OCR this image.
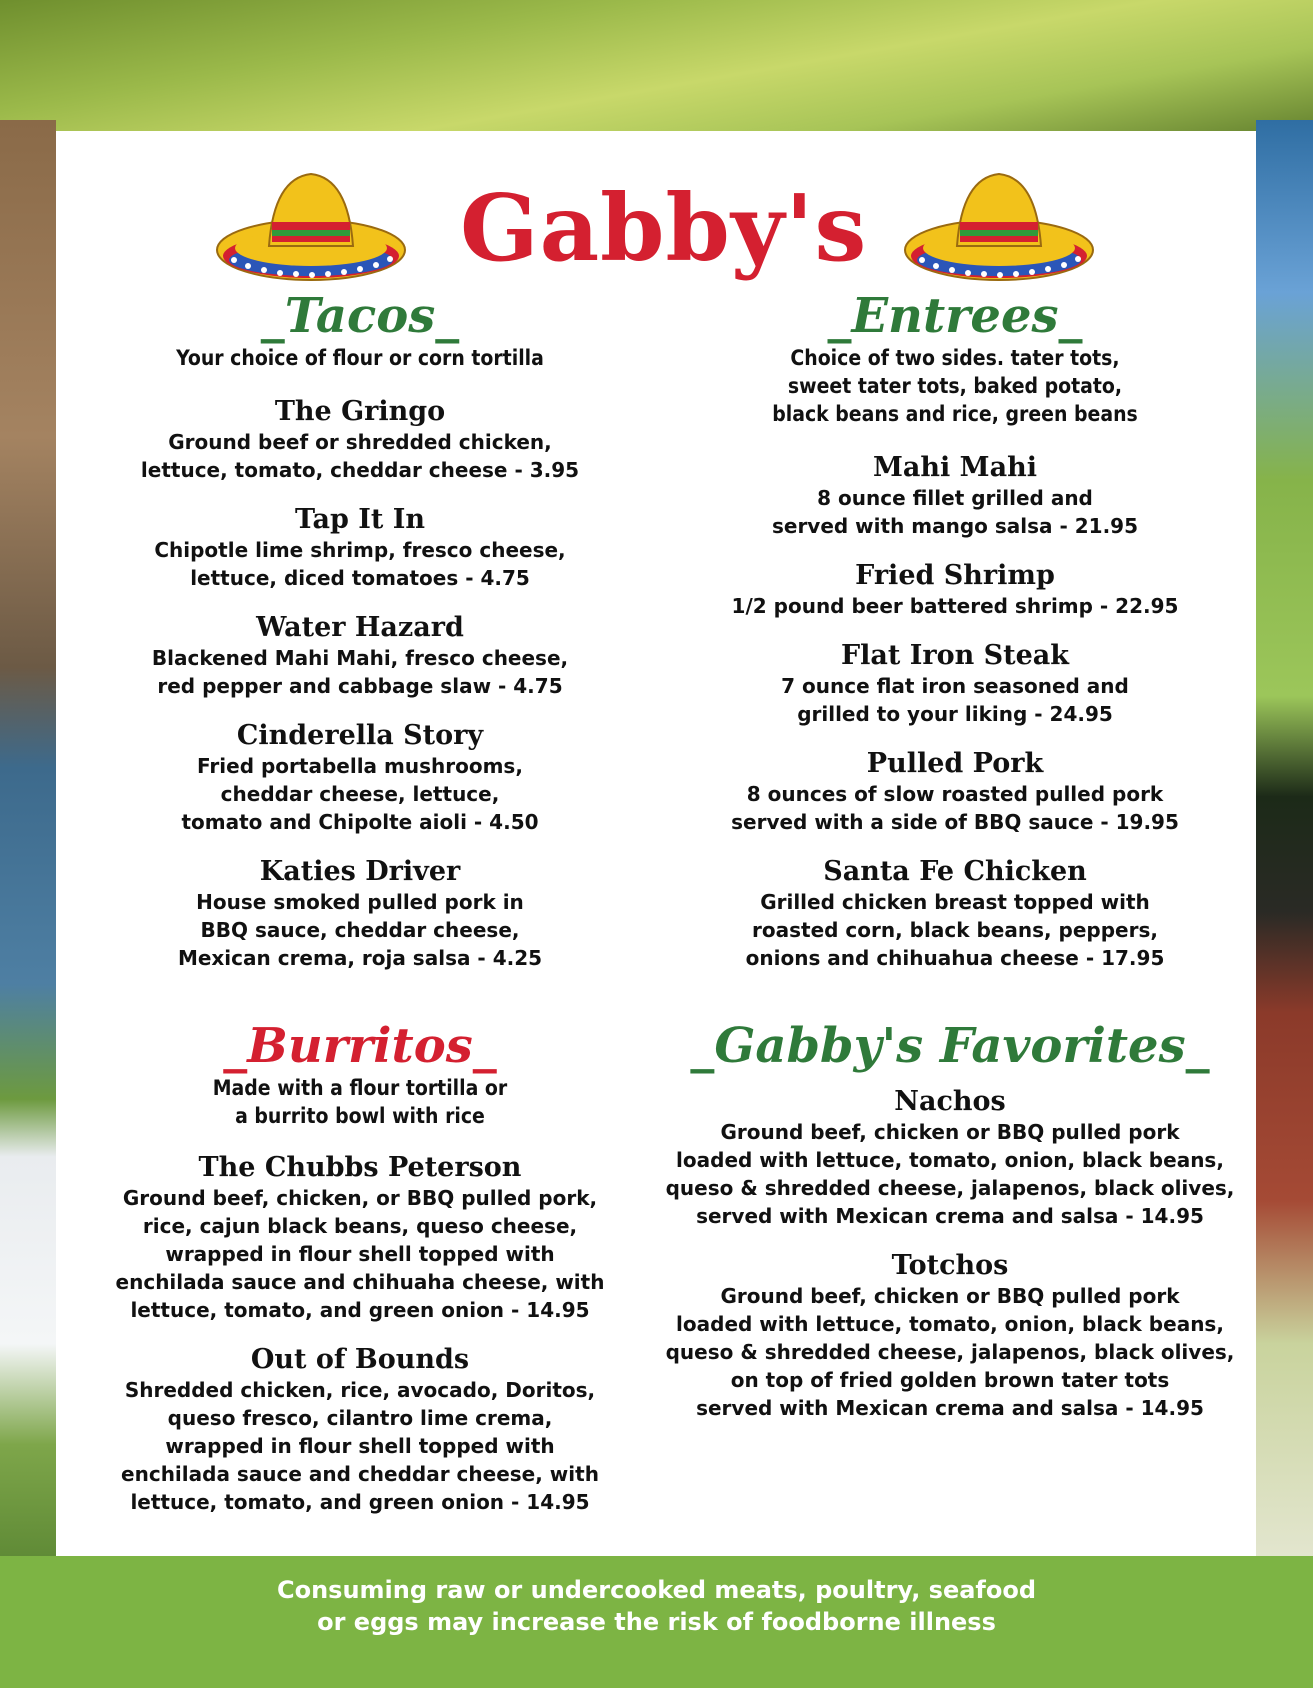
Gabby's
_Tacos_

Your choice of flour or corn tortilla

The Gringo
Ground beef or shredded chicken,
lettuce, tomato, cheddar cheese - 3.95
Tap It In
Chipotle lime shrimp, fresco cheese,
lettuce, diced tomatoes - 4.75
Water Hazard
Blackened Mahi Mahi, fresco cheese,
red pepper and cabbage slaw - 4.75
Cinderella Story
Fried portabella mushrooms,
cheddar cheese, lettuce,
tomato and Chipolte aioli - 4.50
Katies Driver
House smoked pulled pork in
BBQ sauce, cheddar cheese,
Mexican crema, roja salsa - 4.25
_Burritos_

Made with a flour tortilla or
a burrito bowl with rice

The Chubbs Peterson
Ground beef, chicken, or BBQ pulled pork,
rice, cajun black beans, queso cheese,
wrapped in flour shell topped with
enchilada sauce and chihuaha cheese, with
lettuce, tomato, and green onion - 14.95
Out of Bounds
Shredded chicken, rice, avocado, Doritos,
queso fresco, cilantro lime crema,
wrapped in flour shell topped with
enchilada sauce and cheddar cheese, with
lettuce, tomato, and green onion - 14.95
_Entrees_

Choice of two sides. tater tots,
sweet tater tots, baked potato,
black beans and rice, green beans

Mahi Mahi
8 ounce fillet grilled and
served with mango salsa - 21.95
Fried Shrimp
1/2 pound beer battered shrimp - 22.95
Flat Iron Steak
7 ounce flat iron seasoned and
grilled to your liking - 24.95
Pulled Pork
8 ounces of slow roasted pulled pork
served with a side of BBQ sauce - 19.95
Santa Fe Chicken
Grilled chicken breast topped with
roasted corn, black beans, peppers,
onions and chihuahua cheese - 17.95
_Gabby's Favorites_
Nachos
Ground beef, chicken or BBQ pulled pork
loaded with lettuce, tomato, onion, black beans,
queso & shredded cheese, jalapenos, black olives,
served with Mexican crema and salsa - 14.95
Totchos
Ground beef, chicken or BBQ pulled pork
loaded with lettuce, tomato, onion, black beans,
queso & shredded cheese, jalapenos, black olives,
on top of fried golden brown tater tots
served with Mexican crema and salsa - 14.95
Consuming raw or undercooked meats, poultry, seafood
or eggs may increase the risk of foodborne illness
